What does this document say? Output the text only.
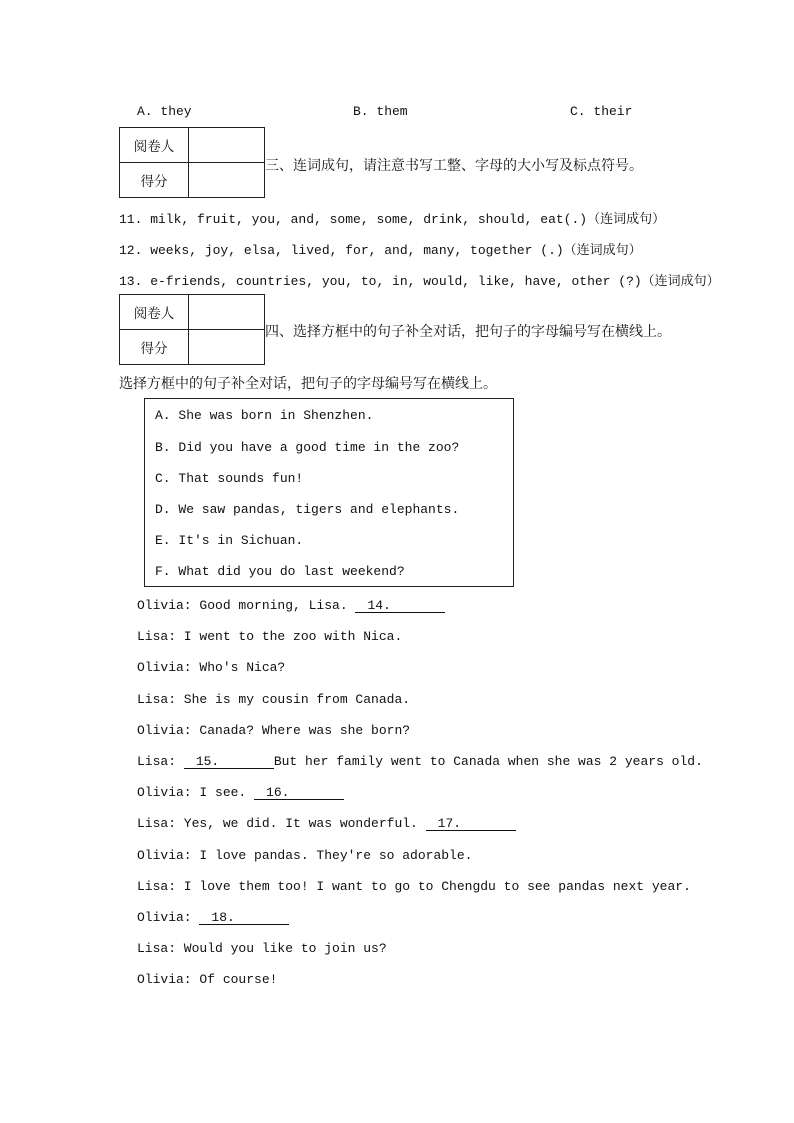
A. they	B. them	C. their
阅卷人	
得分	
三、连词成句，请注意书写工整、字母的大小写及标点符号。
11. milk, fruit, you, and, some, some, drink, should, eat(.)（连词成句）
12. weeks, joy, elsa, lived, for, and, many, together (.)（连词成句）
13. e-friends, countries, you, to, in, would, like, have, other (?)（连词成句）
阅卷人	
得分	
四、选择方框中的句子补全对话，把句子的字母编号写在横线上。
选择方框中的句子补全对话，把句子的字母编号写在横线上。
A. She was born in Shenzhen.
B. Did you have a good time in the zoo?
C. That sounds fun!
D. We saw pandas, tigers and elephants.
E. It's in Sichuan.
F. What did you do last weekend?
Olivia: Good morning, Lisa. 14.
Lisa: I went to the zoo with Nica.
Olivia: Who's Nica?
Lisa: She is my cousin from Canada.
Olivia: Canada? Where was she born?
Lisa: 15.	But her family went to Canada when she was 2 years old.
Olivia: I see. 16.
Lisa: Yes, we did. It was wonderful. 17.
Olivia: I love pandas. They're so adorable.
Lisa: I love them too! I want to go to Chengdu to see pandas next year.
Olivia: 18.
Lisa: Would you like to join us?
Olivia: Of course!
